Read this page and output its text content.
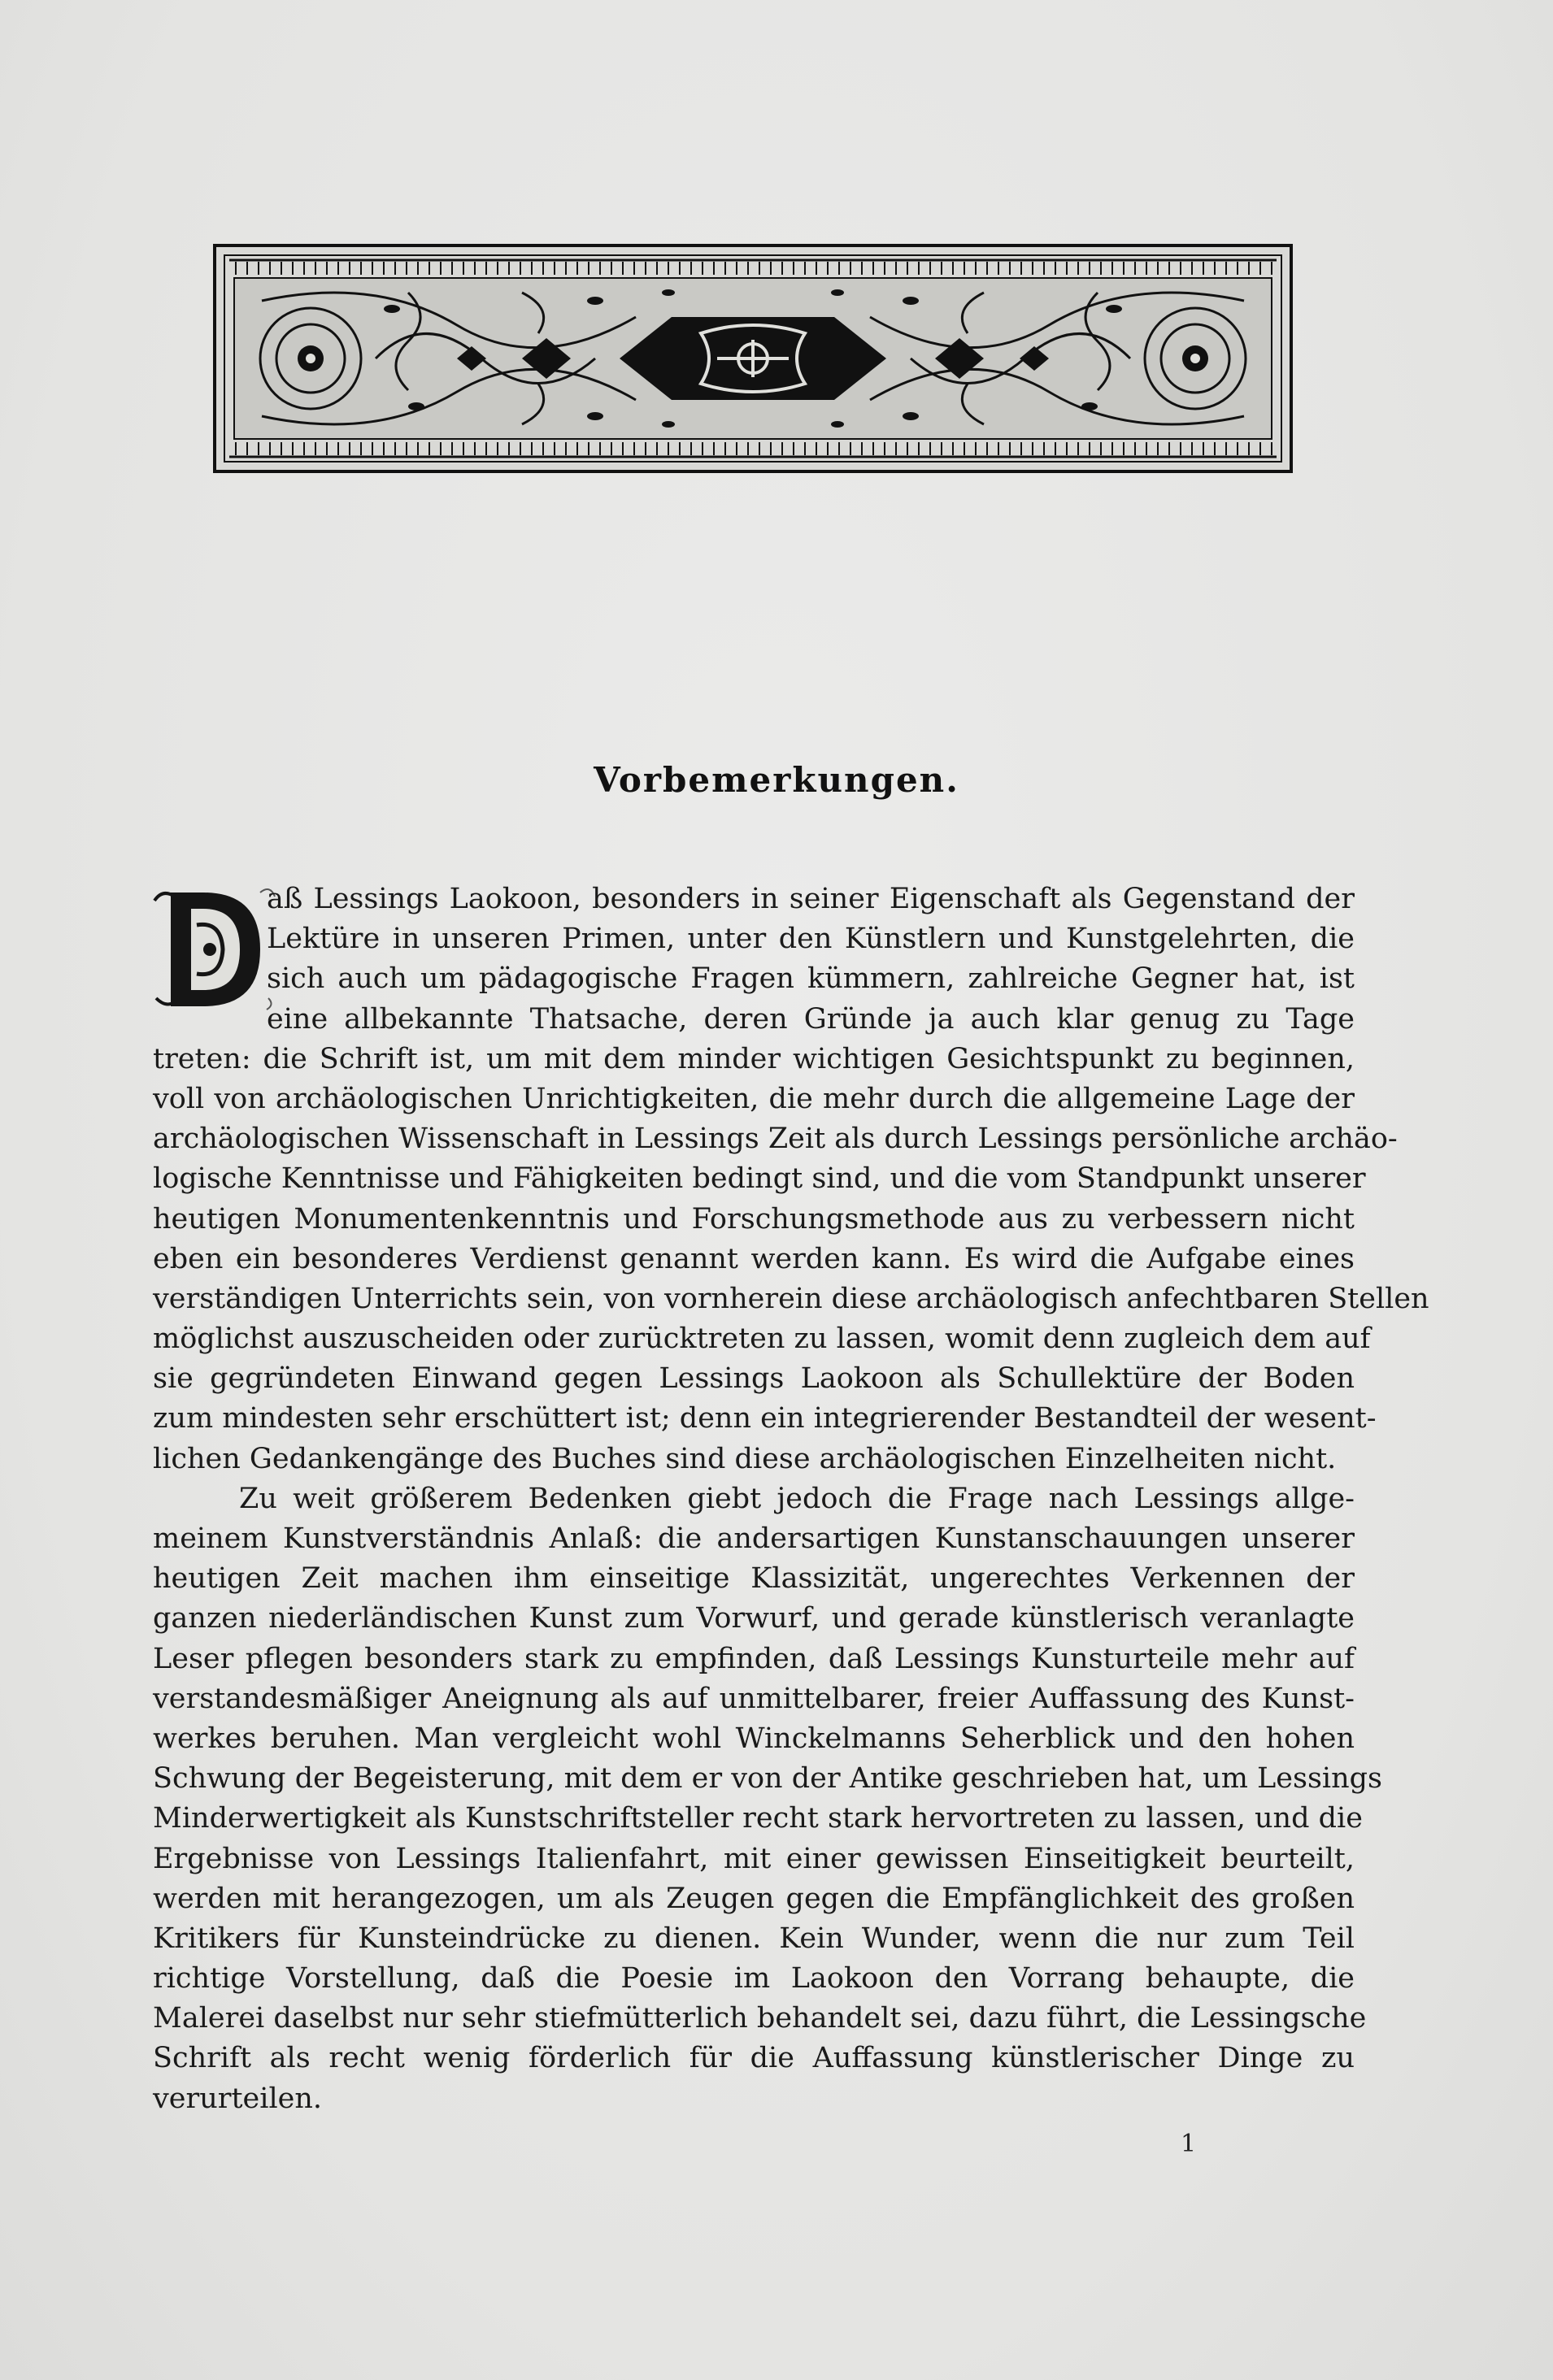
Vorbemerkungen.
aß Lessings Laokoon, besonders in seiner Eigenschaft als Gegenstand der
Lektüre in unseren Primen, unter den Künstlern und Kunstgelehrten, die
sich auch um pädagogische Fragen kümmern, zahlreiche Gegner hat, ist
eine allbekannte Thatsache, deren Gründe ja auch klar genug zu Tage
treten: die Schrift ist, um mit dem minder wichtigen Gesichtspunkt zu beginnen,
voll von archäologischen Unrichtigkeiten, die mehr durch die allgemeine Lage der
archäologischen Wissenschaft in Lessings Zeit als durch Lessings persönliche archäo-
logische Kenntnisse und Fähigkeiten bedingt sind, und die vom Standpunkt unserer
heutigen Monumentenkenntnis und Forschungsmethode aus zu verbessern nicht
eben ein besonderes Verdienst genannt werden kann. Es wird die Aufgabe eines
verständigen Unterrichts sein, von vornherein diese archäologisch anfechtbaren Stellen
möglichst auszuscheiden oder zurücktreten zu lassen, womit denn zugleich dem auf
sie gegründeten Einwand gegen Lessings Laokoon als Schullektüre der Boden
zum mindesten sehr erschüttert ist; denn ein integrierender Bestandteil der wesent-
lichen Gedankengänge des Buches sind diese archäologischen Einzelheiten nicht.
Zu weit größerem Bedenken giebt jedoch die Frage nach Lessings allge-
meinem Kunstverständnis Anlaß: die andersartigen Kunstanschauungen unserer
heutigen Zeit machen ihm einseitige Klassizität, ungerechtes Verkennen der
ganzen niederländischen Kunst zum Vorwurf, und gerade künstlerisch veranlagte
Leser pflegen besonders stark zu empfinden, daß Lessings Kunsturteile mehr auf
verstandesmäßiger Aneignung als auf unmittelbarer, freier Auffassung des Kunst-
werkes beruhen. Man vergleicht wohl Winckelmanns Seherblick und den hohen
Schwung der Begeisterung, mit dem er von der Antike geschrieben hat, um Lessings
Minderwertigkeit als Kunstschriftsteller recht stark hervortreten zu lassen, und die
Ergebnisse von Lessings Italienfahrt, mit einer gewissen Einseitigkeit beurteilt,
werden mit herangezogen, um als Zeugen gegen die Empfänglichkeit des großen
Kritikers für Kunsteindrücke zu dienen. Kein Wunder, wenn die nur zum Teil
richtige Vorstellung, daß die Poesie im Laokoon den Vorrang behaupte, die
Malerei daselbst nur sehr stiefmütterlich behandelt sei, dazu führt, die Lessingsche
Schrift als recht wenig förderlich für die Auffassung künstlerischer Dinge zu
verurteilen.
1
